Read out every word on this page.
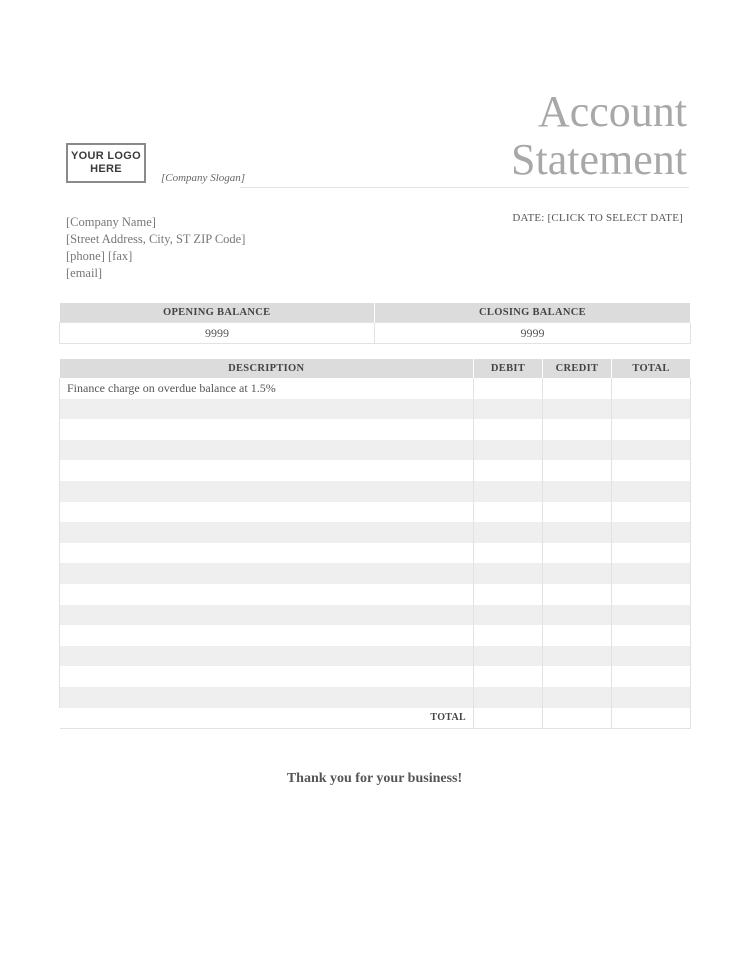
YOUR LOGO
HERE
[Company Slogan]
Account
Statement
[Company Name]
[Street Address, City, ST ZIP Code]
[phone] [fax]
[email]
DATE: [CLICK TO SELECT DATE]
OPENING BALANCE	CLOSING BALANCE
9999	9999
DESCRIPTION	DEBIT	CREDIT	TOTAL
Finance charge on overdue balance at 1.5%			

TOTAL			
Thank you for your business!
